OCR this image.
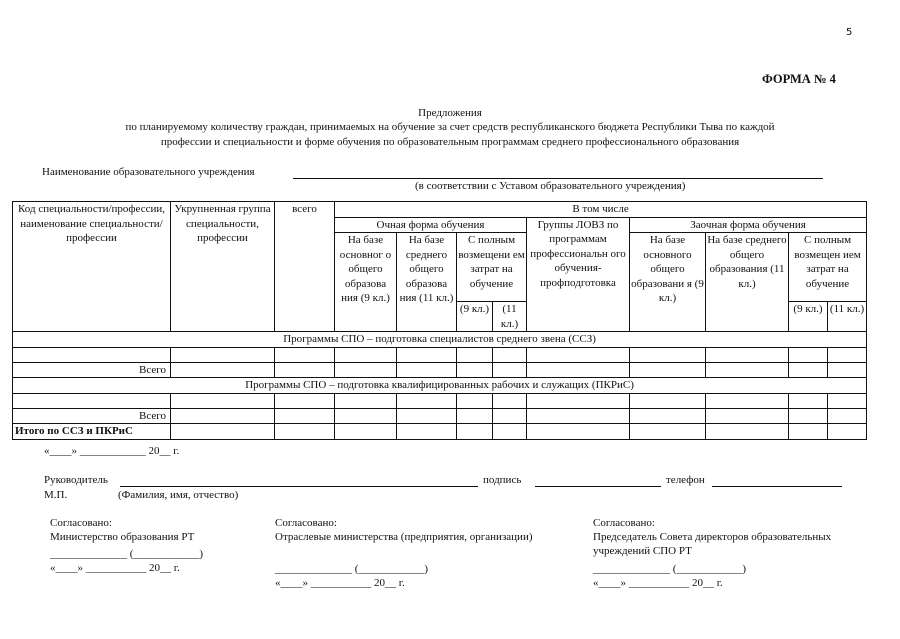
5
ФОРМА № 4
Предложения
по планируемому количеству граждан, принимаемых на обучение за счет средств республиканского бюджета Республики Тыва по каждой
профессии и специальности и форме обучения по образовательным программам среднего профессионального образования
Наименование образовательного учреждения
(в соответствии с Уставом образовательного учреждения)
Код специальности/профессии, наименование специальности/ профессии	Укрупненная группа специальности, профессии	всего	В том числе								
			Очная форма обучения				Группы ЛОВЗ по программам профессиональн ого обучения- профподготовка	Заочная форма обучения			
			На базе основног о общего образова ния (9 кл.)	На базе среднего общего образова ния (11 кл.)	С полным возмещени ем затрат на обучение			На базе основного общего образовани я (9 кл.)	На базе среднего общего образования (11 кл.)	С полным возмещен ием затрат на обучение	
					(9 кл.)	(11 кл.)				(9 кл.)	(11 кл.)
Программы СПО – подготовка специалистов среднего звена (ССЗ)											

Всего											
Программы СПО – подготовка квалифицированных рабочих и служащих (ПКРиС)											

Всего											
Итого по ССЗ и ПКРиС											
«____» ____________ 20__ г.
Руководитель	подпись	телефон
М.П.	(Фамилия, имя, отчество)
Согласовано:
Министерство образования РТ
______________ (____________)
«____» ___________ 20__ г.
Согласовано:
Отраслевые министерства (предприятия, организации)
______________ (____________)
«____» ___________ 20__ г.
Согласовано:
Председатель Совета директоров образовательных
учреждений СПО РТ
______________ (____________)
«____» ___________ 20__ г.
